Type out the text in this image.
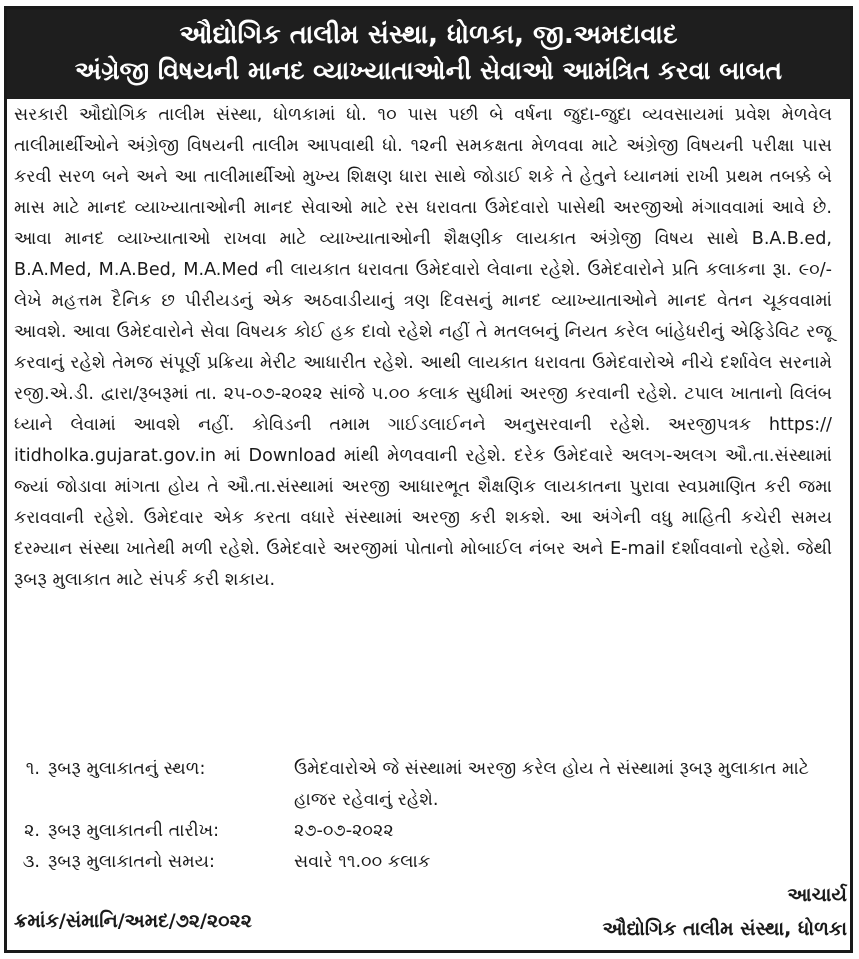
ઔદ્યોગિક તાલીમ સંસ્થા, ધોળકા, જી.અમદાવાદ
અંગ્રેજી વિષયની માનદ વ્યાખ્યાતાઓની સેવાઓ આમંત્રિત કરવા બાબત

સરકારી ઔદ્યોગિક તાલીમ સંસ્થા, ધોળકામાં ધો. ૧૦ પાસ પછી બે વર્ષના જુદા-જુદા વ્યવસાયમાં પ્રવેશ મેળવેલ તાલીમાર્થીઓને અંગ્રેજી વિષયની તાલીમ આપવાથી ધો. ૧૨ની સમકક્ષતા મેળવવા માટે અંગ્રેજી વિષયની પરીક્ષા પાસ કરવી સરળ બને અને આ તાલીમાર્થીઓ મુખ્ય શિક્ષણ ધારા સાથે જોડાઈ શકે તે હેતુને ધ્યાનમાં રાખી પ્રથમ તબક્કે બે માસ માટે માનદ વ્યાખ્યાતાઓની માનદ સેવાઓ માટે રસ ધરાવતા ઉમેદવારો પાસેથી અરજીઓ મંગાવવામાં આવે છે. આવા માનદ વ્યાખ્યાતાઓ રાખવા માટે વ્યાખ્યાતાઓની શૈક્ષણીક લાયકાત અંગ્રેજી વિષય સાથે B.A.B.ed, B.A.Med, M.A.Bed, M.A.Med ની લાયકાત ધરાવતા ઉમેદવારો લેવાના રહેશે. ઉમેદવારોને પ્રતિ કલાકના રૂા. ૯૦/- લેખે મહત્તમ દૈનિક છ પીરીયડનું એક અઠવાડીયાનું ત્રણ દિવસનું માનદ વ્યાખ્યાતાઓને માનદ વેતન ચૂકવવામાં આવશે. આવા ઉમેદવારોને સેવા વિષયક કોઈ હક દાવો રહેશે નહીં તે મતલબનું નિયત કરેલ બાંહેધરીનું એફિડેવિટ રજૂ કરવાનું રહેશે તેમજ સંપૂર્ણ પ્રક્રિયા મેરીટ આધારીત રહેશે. આથી લાયકાત ધરાવતા ઉમેદવારોએ નીચે દર્શાવેલ સરનામે રજી.એ.ડી. દ્વારા/રૂબરૂમાં તા. ૨૫-૦૭-૨૦૨૨ સાંજે ૫.૦૦ કલાક સુધીમાં અરજી કરવાની રહેશે. ટપાલ ખાતાનો વિલંબ ધ્યાને લેવામાં આવશે નહીં. કોવિડની તમામ ગાઈડલાઈનને અનુસરવાની રહેશે. અરજીપત્રક https:// itidholka.gujarat.gov.in માં Download માંથી મેળવવાની રહેશે. દરેક ઉમેદવારે અલગ-અલગ ઔ.તા.સંસ્થામાં જ્યાં જોડાવા માંગતા હોય તે ઔ.તા.સંસ્થામાં અરજી આધારભૂત શૈક્ષણિક લાયકાતના પુરાવા સ્વપ્રમાણિત કરી જમા કરાવવાની રહેશે. ઉમેદવાર એક કરતા વધારે સંસ્થામાં અરજી કરી શકશે. આ અંગેની વધુ માહિતી કચેરી સમય દરમ્યાન સંસ્થા ખાતેથી મળી રહેશે. ઉમેદવારે અરજીમાં પોતાનો મોબાઈલ નંબર અને E-mail દર્શાવવાનો રહેશે. જેથી રૂબરૂ મુલાકાત માટે સંપર્ક કરી શકાય.

૧. રૂબરૂ મુલાકાતનું સ્થળ:	ઉમેદવારોએ જે સંસ્થામાં અરજી કરેલ હોય તે સંસ્થામાં રૂબરૂ મુલાકાત માટે હાજર રહેવાનું રહેશે.
૨. રૂબરૂ મુલાકાતની તારીખ:	૨૭-૦૭-૨૦૨૨
૩. રૂબરૂ મુલાકાતનો સમય:	સવારે ૧૧.૦૦ કલાક
ક્રમાંક/સંમાનિ/અમદ/૭૨/૨૦૨૨
આચાર્ય
ઔદ્યોગિક તાલીમ સંસ્થા, ધોળકા
